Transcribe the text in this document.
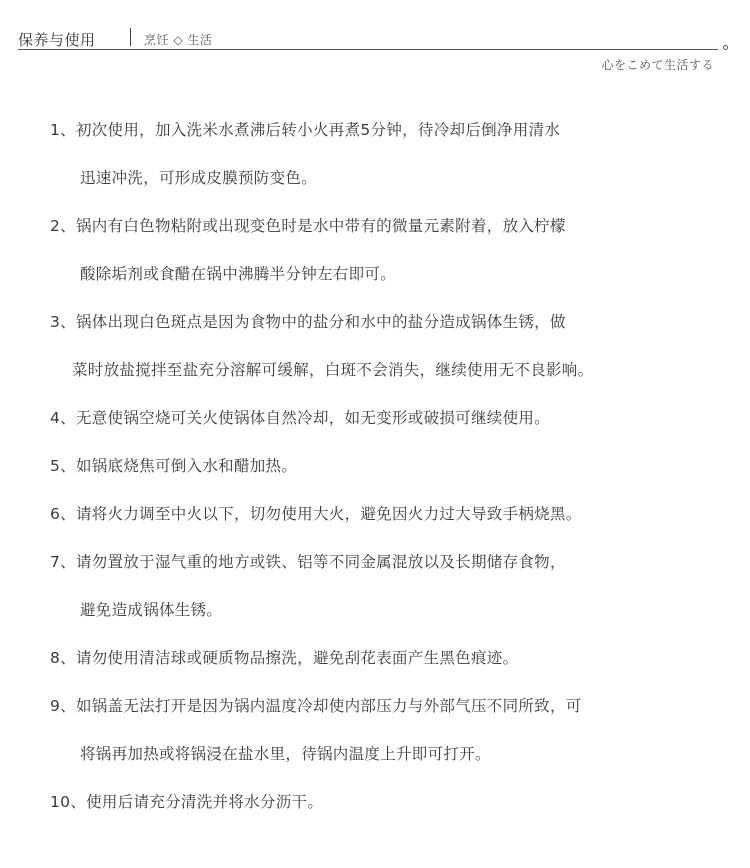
保养与使用	烹饪 ◇ 生活
心をこめて生活する
1、初次使用，加入洗米水煮沸后转小火再煮5分钟，待冷却后倒净用清水
迅速冲洗，可形成皮膜预防变色。
2、锅内有白色物粘附或出现变色时是水中带有的微量元素附着，放入柠檬
酸除垢剂或食醋在锅中沸腾半分钟左右即可。
3、锅体出现白色斑点是因为食物中的盐分和水中的盐分造成锅体生锈，做
菜时放盐搅拌至盐充分溶解可缓解，白斑不会消失，继续使用无不良影响。
4、无意使锅空烧可关火使锅体自然冷却，如无变形或破损可继续使用。
5、如锅底烧焦可倒入水和醋加热。
6、请将火力调至中火以下，切勿使用大火，避免因火力过大导致手柄烧黑。
7、请勿置放于湿气重的地方或铁、铝等不同金属混放以及长期储存食物，
避免造成锅体生锈。
8、请勿使用清洁球或硬质物品擦洗，避免刮花表面产生黑色痕迹。
9、如锅盖无法打开是因为锅内温度冷却使内部压力与外部气压不同所致，可
将锅再加热或将锅浸在盐水里，待锅内温度上升即可打开。
10、使用后请充分清洗并将水分沥干。
